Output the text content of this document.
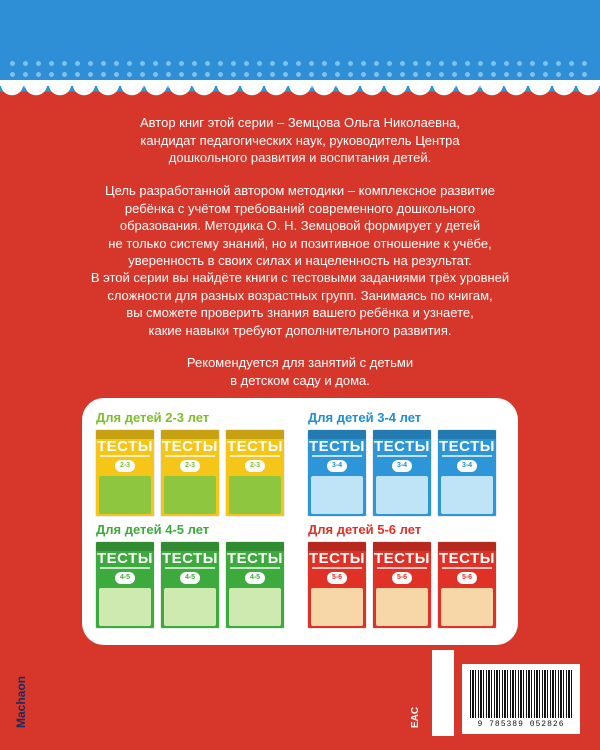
Автор книг этой серии – Земцова Ольга Николаевна,
кандидат педагогических наук, руководитель Центра
дошкольного развития и воспитания детей.
Цель разработанной автором методики – комплексное развитие
ребёнка с учётом требований современного дошкольного
образования. Методика О. Н. Земцовой формирует у детей
не только систему знаний, но и позитивное отношение к учёбе,
уверенность в своих силах и нацеленность на результат.
В этой серии вы найдёте книги с тестовыми заданиями трёх уровней
сложности для разных возрастных групп. Занимаясь по книгам,
вы сможете проверить знания вашего ребёнка и узнаете,
какие навыки требуют дополнительного развития.
Рекомендуется для занятий с детьми
в детском саду и дома.
Для детей 2-3 лет
ТЕСТЫ
2-3
ТЕСТЫ
2-3
ТЕСТЫ
2-3
Для детей 3-4 лет
ТЕСТЫ
3-4
ТЕСТЫ
3-4
ТЕСТЫ
3-4
Для детей 4-5 лет
ТЕСТЫ
4-5
ТЕСТЫ
4-5
ТЕСТЫ
4-5
Для детей 5-6 лет
ТЕСТЫ
5-6
ТЕСТЫ
5-6
ТЕСТЫ
5-6
EAC
Machaon	9 785389 052826
